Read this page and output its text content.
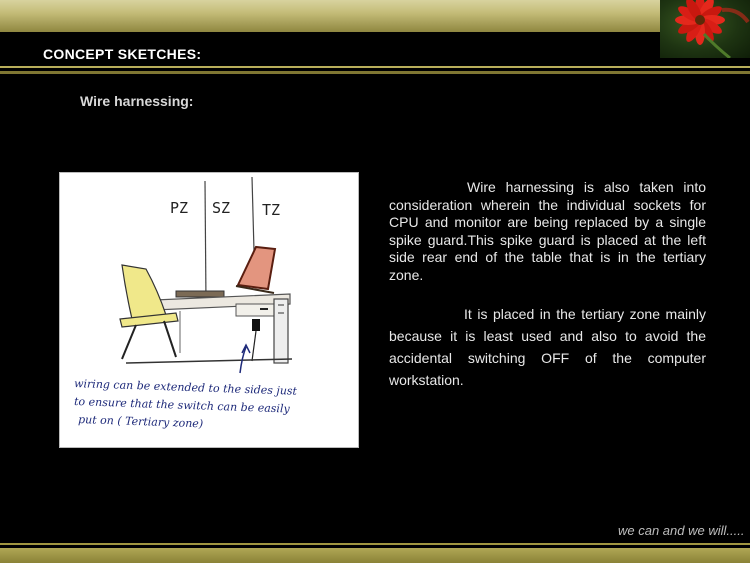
CONCEPT SKETCHES:
Wire harnessing:
PZ SZ TZ
wiring can be extended to the sides just
to ensure that the switch can be easily
put on ( Tertiary zone)

Wire harnessing is also taken into consideration wherein the individual sockets for CPU and monitor are being replaced by a single spike guard.This spike guard is placed at the left side rear end of the table that is in the tertiary zone.

It is placed in the tertiary zone mainly because it is least used and also to avoid the accidental switching OFF of the computer workstation.

we can and we will.....
